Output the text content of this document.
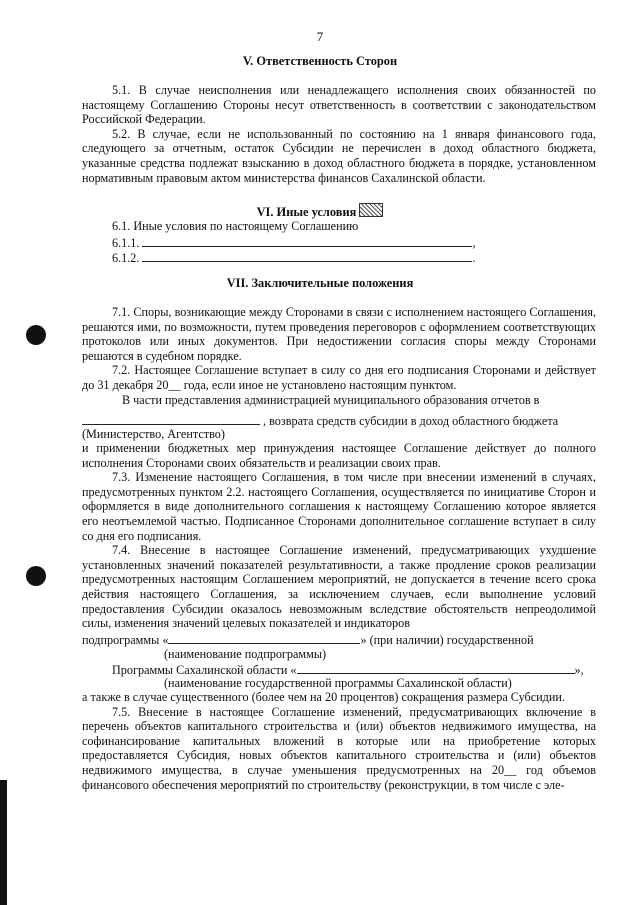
7
V. Ответственность Сторон

5.1. В случае неисполнения или ненадлежащего исполнения своих обязанностей по настоящему Соглашению Стороны несут ответственность в соответствии с законодательством Российской Федерации.

5.2. В случае, если не использованный по состоянию на 1 января финансового года, следующего за отчетным, остаток Субсидии не перечислен в доход областного бюджета, указанные средства подлежат взысканию в доход областного бюджета в порядке, установленном нормативным правовым актом министерства финансов Сахалинской области.

VI. Иные условия
6.1. Иные условия по настоящему Соглашению
6.1.1.	,
6.1.2.	.
VII. Заключительные положения

7.1. Споры, возникающие между Сторонами в связи с исполнением настоящего Соглашения, решаются ими, по возможности, путем проведения переговоров с оформлением соответствующих протоколов или иных документов. При недостижении согласия споры между Сторонами решаются в судебном порядке.

7.2. Настоящее Соглашение вступает в силу со дня его подписания Сторонами и действует до 31 декабря 20__ года, если иное не установлено настоящим пунктом.

В части представления администрацией муниципального образования отчетов в

, возврата средств субсидии в доход областного бюджета
(Министерство, Агентство)

и применении бюджетных мер принуждения настоящее Соглашение действует до полного исполнения Сторонами своих обязательств и реализации своих прав.

7.3. Изменение настоящего Соглашения, в том числе при внесении изменений в случаях, предусмотренных пунктом 2.2. настоящего Соглашения, осуществляется по инициативе Сторон и оформляется в виде дополнительного соглашения к настоящему Соглашению которое является его неотъемлемой частью. Подписанное Сторонами дополнительное соглашение вступает в силу со дня его подписания.

7.4. Внесение в настоящее Соглашение изменений, предусматривающих ухудшение установленных значений показателей результативности, а также продление сроков реализации предусмотренных настоящим Соглашением мероприятий, не допускается в течение всего срока действия настоящего Соглашения, за исключением случаев, если выполнение условий предоставления Субсидии оказалось невозможным вследствие обстоятельств непреодолимой силы, изменения значений целевых показателей и индикаторов

подпрограммы «	» (при наличии) государственной
(наименование подпрограммы)
Программы Сахалинской области «	»,
(наименование государственной программы Сахалинской области)

а также в случае существенного (более чем на 20 процентов) сокращения размера Субсидии.

7.5. Внесение в настоящее Соглашение изменений, предусматривающих включение в перечень объектов капитального строительства и (или) объектов недвижимого имущества, на софинансирование капитальных вложений в которые или на приобретение которых предоставляется Субсидия, новых объектов капитального строительства и (или) объектов недвижимого имущества, в случае уменьшения предусмотренных на 20__ год объемов финансового обеспечения мероприятий по строительству (реконструкции, в том числе с эле-
